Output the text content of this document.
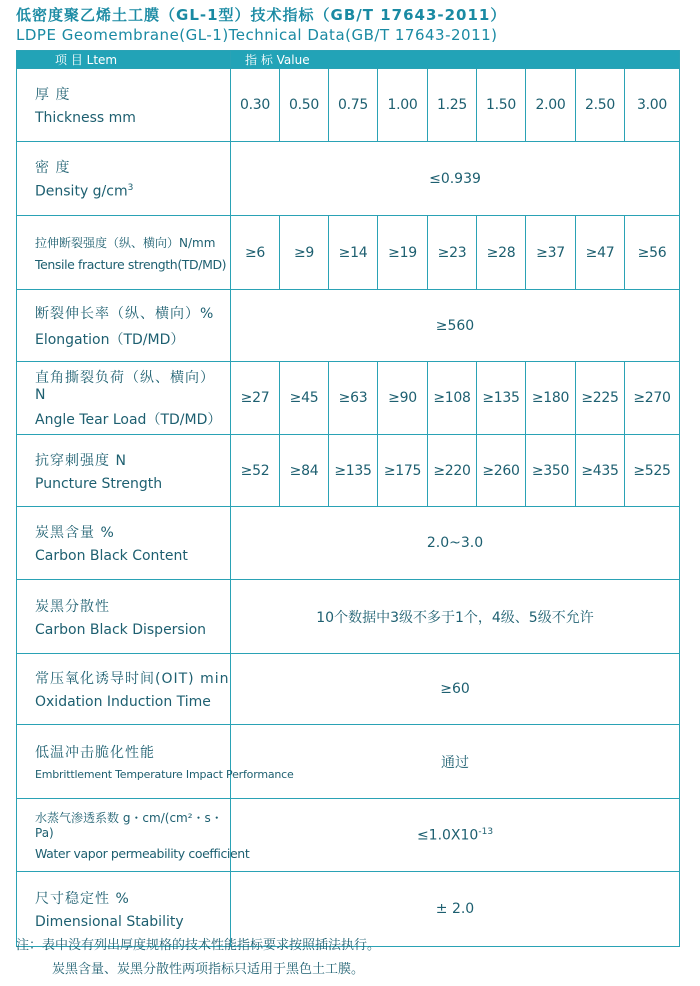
低密度聚乙烯土工膜（GL-1型）技术指标（GB/T 17643-2011）
LDPE Geomembrane(GL-1)Technical Data(GB/T 17643-2011)
项 目 Ltem	指 标 Value								

厚 度
Thickness mm	0.30	0.50	0.75	1.00	1.25	1.50	2.00	2.50	3.00

密 度
Density $g/cm^3$	≤0.939								

拉伸断裂强度（纵、横向）N/mm
Tensile fracture strength(TD/MD)	≥6	≥9	≥14	≥19	≥23	≥28	≥37	≥47	≥56

断裂伸长率（纵、横向）%
Elongation（TD/MD）	≥560								

直角撕裂负荷（纵、横向） N
Angle Tear Load（TD/MD）	≥27	≥45	≥63	≥90	≥108	≥135	≥180	≥225	≥270

抗穿刺强度 N
Puncture Strength	≥52	≥84	≥135	≥175	≥220	≥260	≥350	≥435	≥525

炭黑含量 %
Carbon Black Content	2.0~3.0								

炭黑分散性
Carbon Black Dispersion	10个数据中3级不多于1个，4级、5级不允许								

常压氧化诱导时间(OIT) min
Oxidation Induction Time	≥60								

低温冲击脆化性能
Embrittlement Temperature Impact Performance	通过								

水蒸气渗透系数 g・cm/(cm²・s・Pa)
Water vapor permeability coefficient	$\le 1.0X10^{-13}$

尺寸稳定性 %
Dimensional Stability	± 2.0								
注：表中没有列出厚度规格的技术性能指标要求按照插法执行。
炭黑含量、炭黑分散性两项指标只适用于黑色土工膜。
